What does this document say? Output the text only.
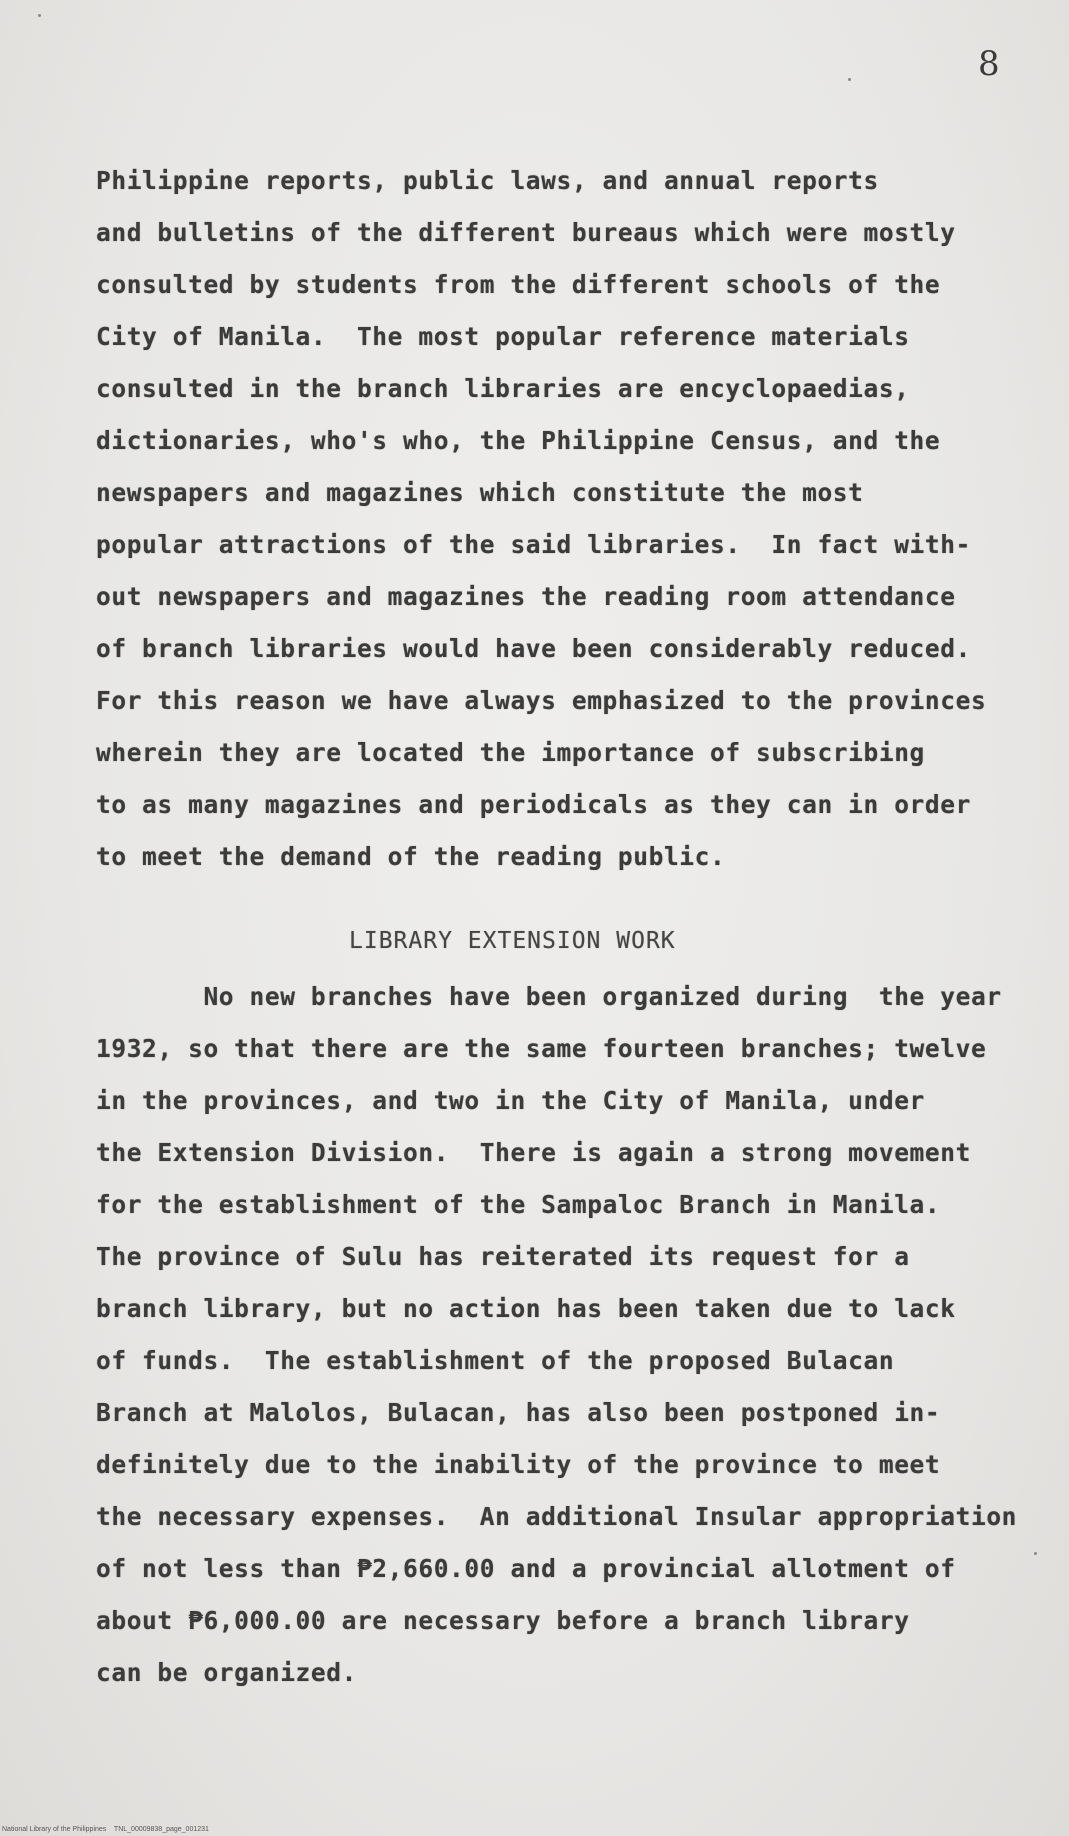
8
Philippine reports, public laws, and annual reports
and bulletins of the different bureaus which were mostly
consulted by students from the different schools of the
City of Manila.  The most popular reference materials
consulted in the branch libraries are encyclopaedias,
dictionaries, who's who, the Philippine Census, and the
newspapers and magazines which constitute the most
popular attractions of the said libraries.  In fact with-
out newspapers and magazines the reading room attendance
of branch libraries would have been considerably reduced.
For this reason we have always emphasized to the provinces
wherein they are located the importance of subscribing
to as many magazines and periodicals as they can in order
to meet the demand of the reading public.
LIBRARY EXTENSION WORK
No new branches have been organized during  the year
1932, so that there are the same fourteen branches; twelve
in the provinces, and two in the City of Manila, under
the Extension Division.  There is again a strong movement
for the establishment of the Sampaloc Branch in Manila.
The province of Sulu has reiterated its request for a
branch library, but no action has been taken due to lack
of funds.  The establishment of the proposed Bulacan
Branch at Malolos, Bulacan, has also been postponed in-
definitely due to the inability of the province to meet
the necessary expenses.  An additional Insular appropriation
of not less than ₱2,660.00 and a provincial allotment of
about ₱6,000.00 are necessary before a branch library
can be organized.
National Library of the Philippines    TNL_00009838_page_001231
